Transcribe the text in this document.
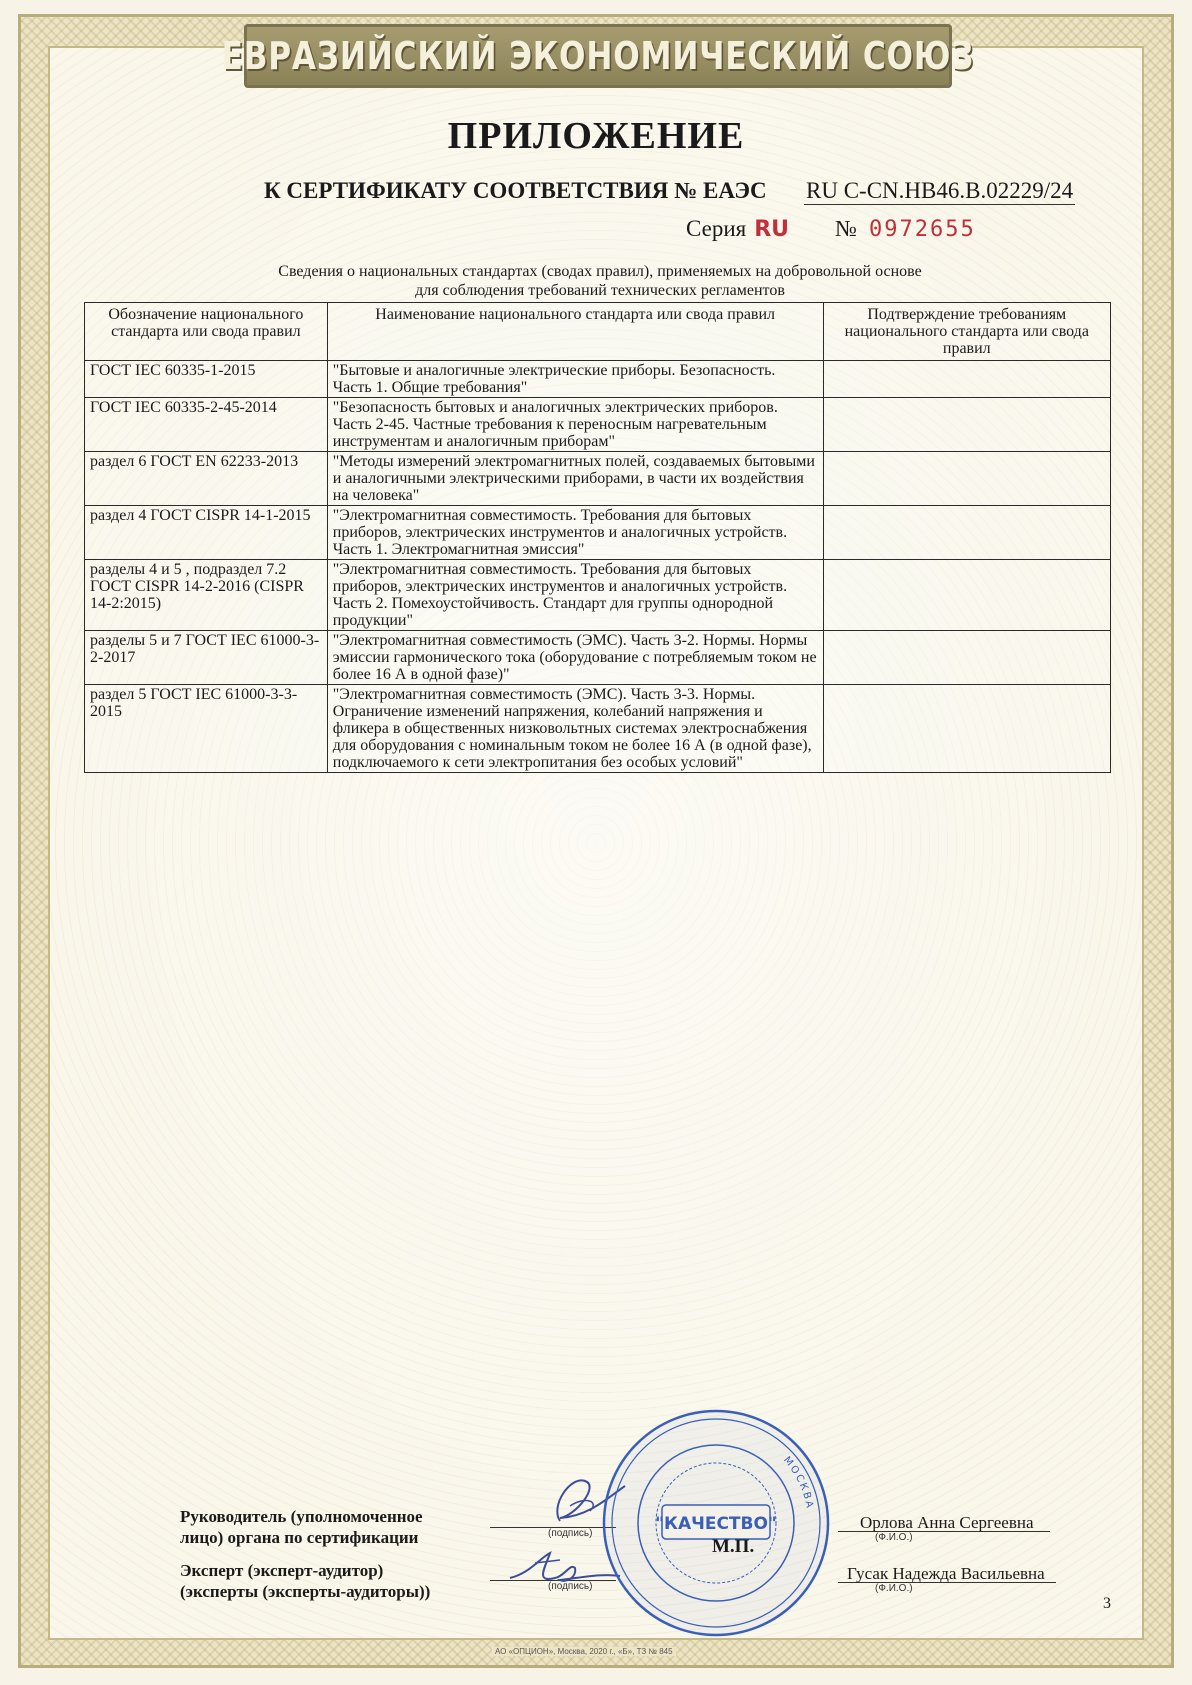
ЕВРАЗИЙСКИЙ ЭКОНОМИЧЕСКИЙ СОЮЗ
ПРИЛОЖЕНИЕ
К СЕРТИФИКАТУ СООТВЕТСТВИЯ № ЕАЭС RU C-CN.HB46.B.02229/24
Серия RU № 0972655
Сведения о национальных стандартах (сводах правил), применяемых на добровольной основе
для соблюдения требований технических регламентов
Обозначение национального стандарта или свода правил	Наименование национального стандарта или свода правил	Подтверждение требованиям национального стандарта или свода правил
ГОСТ IEC 60335-1-2015	"Бытовые и аналогичные электрические приборы. Безопасность. Часть 1. Общие требования"	
ГОСТ IEC 60335-2-45-2014	"Безопасность бытовых и аналогичных электрических приборов. Часть 2-45. Частные требования к переносным нагревательным инструментам и аналогичным приборам"	
раздел 6 ГОСТ EN 62233-2013	"Методы измерений электромагнитных полей, создаваемых бытовыми и аналогичными электрическими приборами, в части их воздействия на человека"	
раздел 4 ГОСТ CISPR 14-1-2015	"Электромагнитная совместимость. Требования для бытовых приборов, электрических инструментов и аналогичных устройств. Часть 1. Электромагнитная эмиссия"	
разделы 4 и 5 , подраздел 7.2 ГОСТ CISPR 14-2-2016 (CISPR 14-2:2015)	"Электромагнитная совместимость. Требования для бытовых приборов, электрических инструментов и аналогичных устройств. Часть 2. Помехоустойчивость. Стандарт для группы однородной продукции"	
разделы 5 и 7 ГОСТ IEC 61000-3-2-2017	"Электромагнитная совместимость (ЭМС). Часть 3-2. Нормы. Нормы эмиссии гармонического тока (оборудование с потребляемым током не более 16 А в одной фазе)"	
раздел 5 ГОСТ IEC 61000-3-3-2015	"Электромагнитная совместимость (ЭМС). Часть 3-3. Нормы. Ограничение изменений напряжения, колебаний напряжения и фликера в общественных низковольтных системах электроснабжения для оборудования с номинальным током не более 16 А (в одной фазе), подключаемого к сети электропитания без особых условий"	
Руководитель (уполномоченное
лицо) органа по сертификации
Эксперт (эксперт-аудитор)
(эксперты (эксперты-аудиторы))
(подпись)
(подпись)
Орлова Анна Сергеевна
(Ф.И.О.)
Гусак Надежда Васильевна
(Ф.И.О.)
МОСКВА
"КАЧЕСТВО"
М.П.
3
АО «ОПЦИОН», Москва, 2020 г., «Б», ТЗ № 845
